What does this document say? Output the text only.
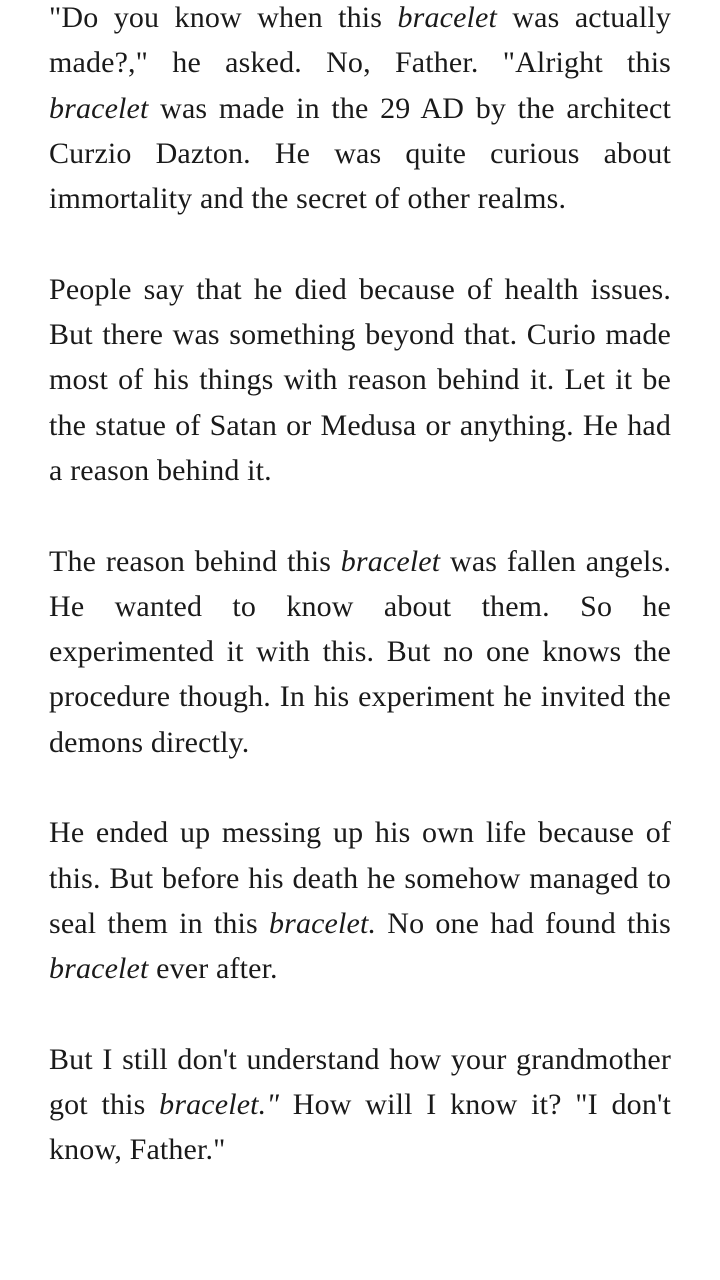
"Do you know when this bracelet was actually made?," he asked. No, Father. "Alright this bracelet was made in the 29 AD by the architect Curzio Dazton. He was quite curious about immortality and the secret of other realms.

People say that he died because of health issues. But there was something beyond that. Curio made most of his things with reason behind it. Let it be the statue of Satan or Medusa or anything. He had a reason behind it.

The reason behind this bracelet was fallen angels. He wanted to know about them. So he experimented it with this. But no one knows the procedure though. In his experiment he invited the demons directly.

He ended up messing up his own life because of this. But before his death he somehow managed to seal them in this bracelet. No one had found this bracelet ever after.

But I still don't understand how your grandmother got this bracelet." How will I know it? "I don't know, Father."
